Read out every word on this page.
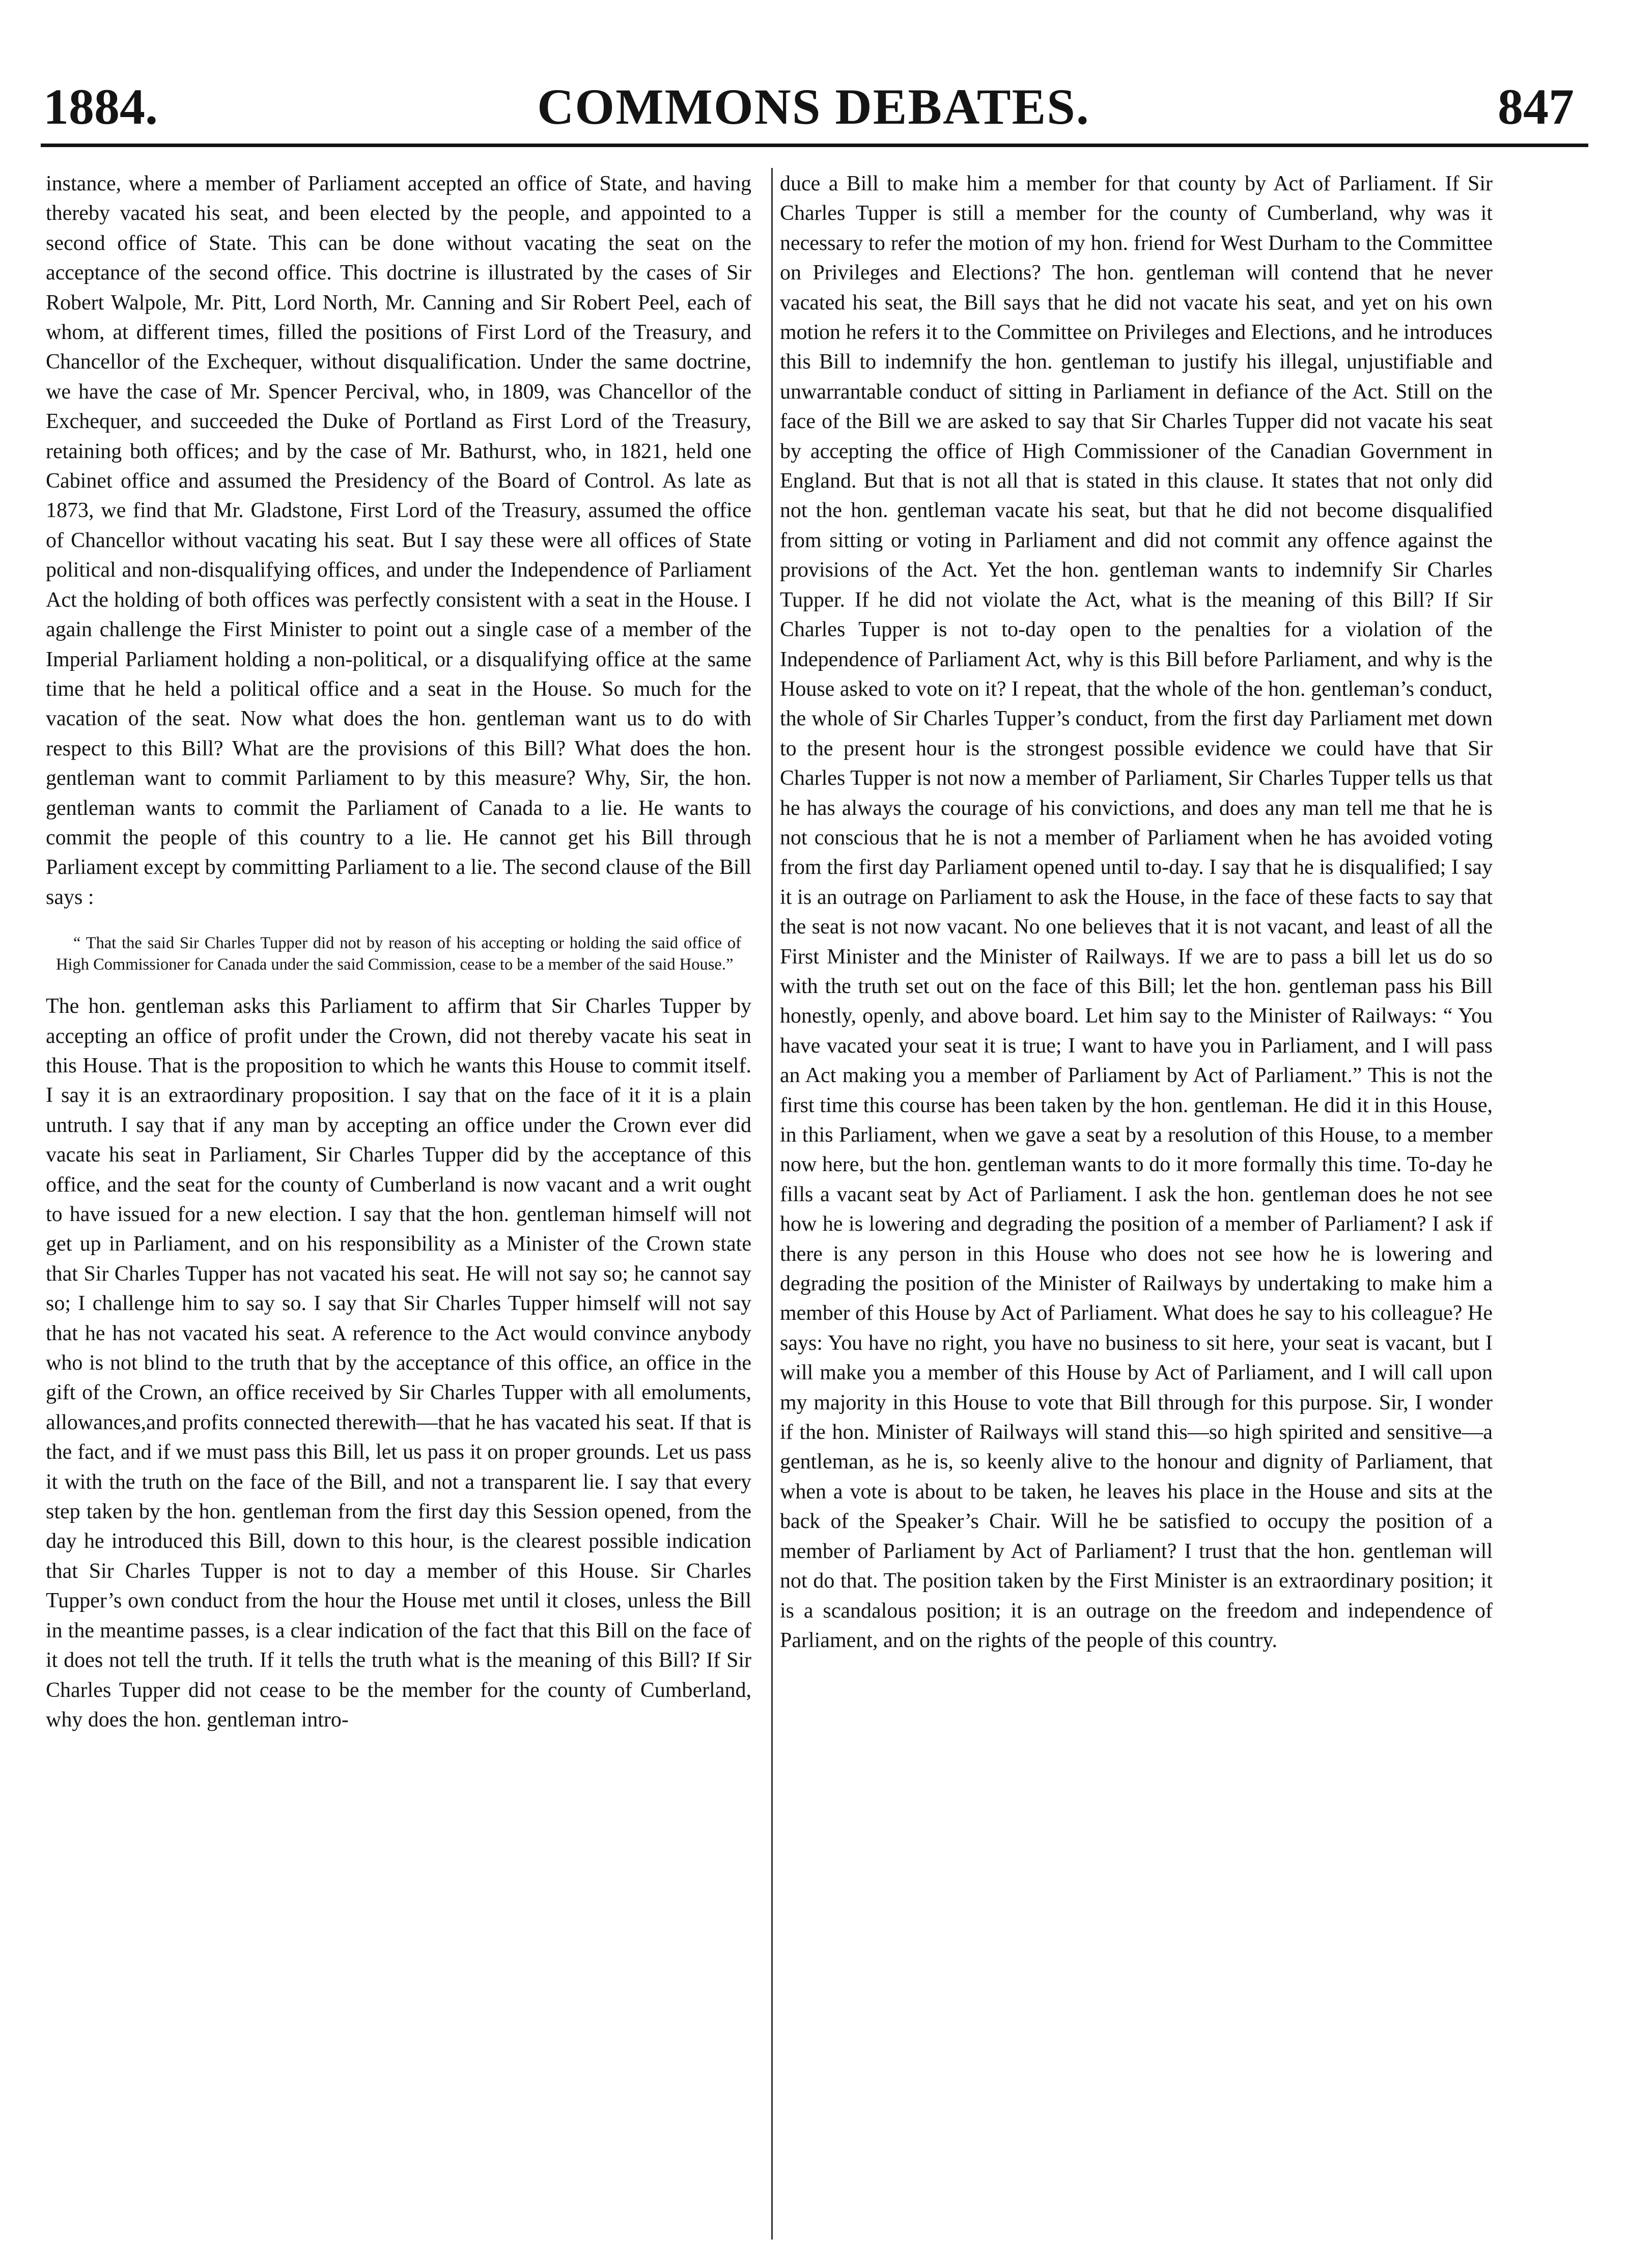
1884.	COMMONS DEBATES.	847

instance, where a member of Parliament accepted an office of State, and having thereby vacated his seat, and been elected by the people, and appointed to a second office of State. This can be done without vacating the seat on the acceptance of the second office. This doctrine is illustrated by the cases of Sir Robert Walpole, Mr. Pitt, Lord North, Mr. Canning and Sir Robert Peel, each of whom, at different times, filled the positions of First Lord of the Treasury, and Chancellor of the Exchequer, without disqualification. Under the same doctrine, we have the case of Mr. Spencer Percival, who, in 1809, was Chancellor of the Exchequer, and succeeded the Duke of Portland as First Lord of the Treasury, retaining both offices; and by the case of Mr. Bathurst, who, in 1821, held one Cabinet office and assumed the Presidency of the Board of Control. As late as 1873, we find that Mr. Gladstone, First Lord of the Treasury, assumed the office of Chancellor without vacating his seat. But I say these were all offices of State political and non-disqualifying offices, and under the Independence of Parliament Act the holding of both offices was perfectly consistent with a seat in the House. I again challenge the First Minister to point out a single case of a member of the Imperial Parliament holding a non-political, or a disqualifying office at the same time that he held a political office and a seat in the House. So much for the vacation of the seat. Now what does the hon. gentleman want us to do with respect to this Bill? What are the provisions of this Bill? What does the hon. gentleman want to commit Parliament to by this measure? Why, Sir, the hon. gentleman wants to commit the Parliament of Canada to a lie. He wants to commit the people of this country to a lie. He cannot get his Bill through Parliament except by committing Parliament to a lie. The second clause of the Bill says :

“ That the said Sir Charles Tupper did not by reason of his accepting or holding the said office of High Commissioner for Canada under the said Commission, cease to be a member of the said House.”

The hon. gentleman asks this Parliament to affirm that Sir Charles Tupper by accepting an office of profit under the Crown, did not thereby vacate his seat in this House. That is the proposition to which he wants this House to commit itself. I say it is an extraordinary proposition. I say that on the face of it it is a plain untruth. I say that if any man by accepting an office under the Crown ever did vacate his seat in Parliament, Sir Charles Tupper did by the acceptance of this office, and the seat for the county of Cumberland is now vacant and a writ ought to have issued for a new election. I say that the hon. gentleman himself will not get up in Parliament, and on his responsibility as a Minister of the Crown state that Sir Charles Tupper has not vacated his seat. He will not say so; he cannot say so; I challenge him to say so. I say that Sir Charles Tupper himself will not say that he has not vacated his seat. A reference to the Act would convince anybody who is not blind to the truth that by the acceptance of this office, an office in the gift of the Crown, an office received by Sir Charles Tupper with all emoluments, allowances,and profits connected therewith—that he has vacated his seat. If that is the fact, and if we must pass this Bill, let us pass it on proper grounds. Let us pass it with the truth on the face of the Bill, and not a transparent lie. I say that every step taken by the hon. gentleman from the first day this Session opened, from the day he introduced this Bill, down to this hour, is the clearest possible indication that Sir Charles Tupper is not to day a member of this House. Sir Charles Tupper’s own conduct from the hour the House met until it closes, unless the Bill in the meantime passes, is a clear indication of the fact that this Bill on the face of it does not tell the truth. If it tells the truth what is the meaning of this Bill? If Sir Charles Tupper did not cease to be the member for the county of Cumberland, why does the hon. gentleman intro-

duce a Bill to make him a member for that county by Act of Parliament. If Sir Charles Tupper is still a member for the county of Cumberland, why was it necessary to refer the motion of my hon. friend for West Durham to the Committee on Privileges and Elections? The hon. gentleman will contend that he never vacated his seat, the Bill says that he did not vacate his seat, and yet on his own motion he refers it to the Committee on Privileges and Elections, and he introduces this Bill to indemnify the hon. gentleman to justify his illegal, unjustifiable and unwarrantable conduct of sitting in Parliament in defiance of the Act. Still on the face of the Bill we are asked to say that Sir Charles Tupper did not vacate his seat by accepting the office of High Commissioner of the Canadian Government in England. But that is not all that is stated in this clause. It states that not only did not the hon. gentleman vacate his seat, but that he did not become disqualified from sitting or voting in Parliament and did not commit any offence against the provisions of the Act. Yet the hon. gentleman wants to indemnify Sir Charles Tupper. If he did not violate the Act, what is the meaning of this Bill? If Sir Charles Tupper is not to-day open to the penalties for a violation of the Independence of Parliament Act, why is this Bill before Parliament, and why is the House asked to vote on it? I repeat, that the whole of the hon. gentleman’s conduct, the whole of Sir Charles Tupper’s conduct, from the first day Parliament met down to the present hour is the strongest possible evidence we could have that Sir Charles Tupper is not now a member of Parliament, Sir Charles Tupper tells us that he has always the courage of his convictions, and does any man tell me that he is not conscious that he is not a member of Parliament when he has avoided voting from the first day Parliament opened until to-day. I say that he is disqualified; I say it is an outrage on Parliament to ask the House, in the face of these facts to say that the seat is not now vacant. No one believes that it is not vacant, and least of all the First Minister and the Minister of Railways. If we are to pass a bill let us do so with the truth set out on the face of this Bill; let the hon. gentleman pass his Bill honestly, openly, and above board. Let him say to the Minister of Railways: “ You have vacated your seat it is true; I want to have you in Parliament, and I will pass an Act making you a member of Parliament by Act of Parliament.” This is not the first time this course has been taken by the hon. gentleman. He did it in this House, in this Parliament, when we gave a seat by a resolution of this House, to a member now here, but the hon. gentleman wants to do it more formally this time. To-day he fills a vacant seat by Act of Parliament. I ask the hon. gentleman does he not see how he is lowering and degrading the position of a member of Parliament? I ask if there is any person in this House who does not see how he is lowering and degrading the position of the Minister of Railways by undertaking to make him a member of this House by Act of Parliament. What does he say to his colleague? He says: You have no right, you have no business to sit here, your seat is vacant, but I will make you a member of this House by Act of Parliament, and I will call upon my majority in this House to vote that Bill through for this purpose. Sir, I wonder if the hon. Minister of Railways will stand this—so high spirited and sensitive—a gentleman, as he is, so keenly alive to the honour and dignity of Parliament, that when a vote is about to be taken, he leaves his place in the House and sits at the back of the Speaker’s Chair. Will he be satisfied to occupy the position of a member of Parliament by Act of Parliament? I trust that the hon. gentleman will not do that. The position taken by the First Minister is an extraordinary position; it is a scandalous position; it is an outrage on the freedom and independence of Parliament, and on the rights of the people of this country.
